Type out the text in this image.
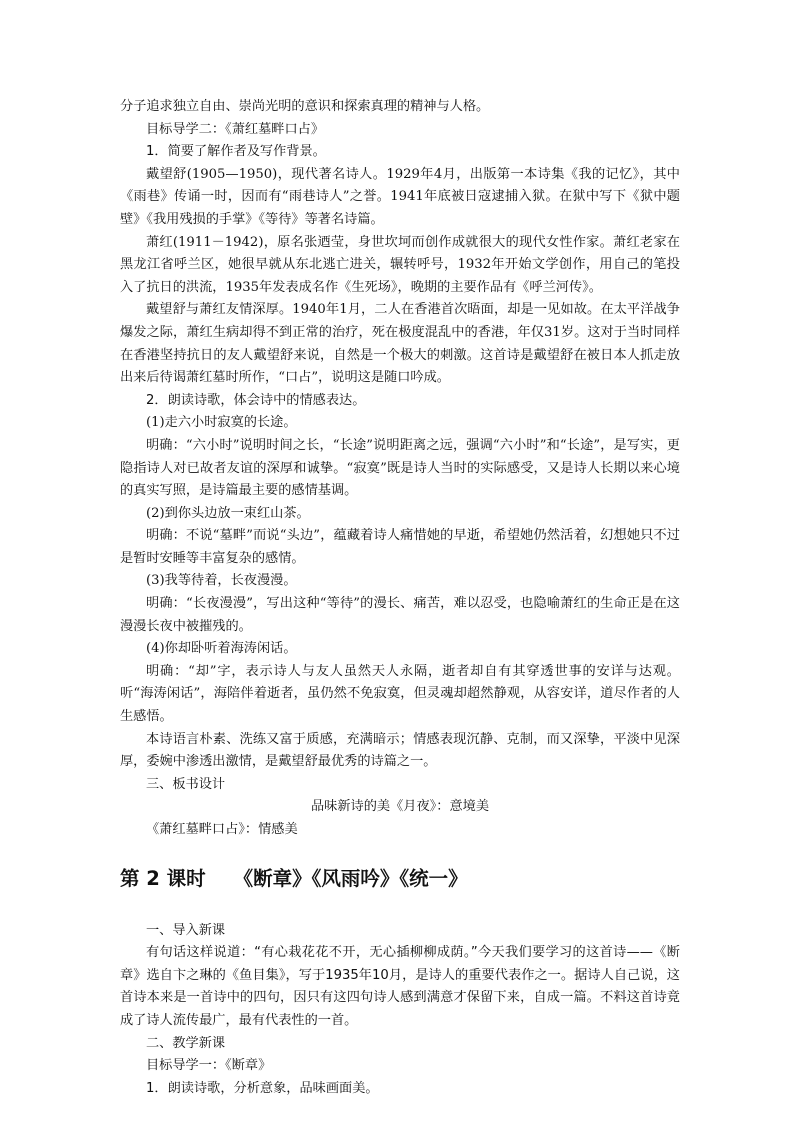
分子追求独立自由、崇尚光明的意识和探索真理的精神与人格。

目标导学二：《萧红墓畔口占》

1．简要了解作者及写作背景。

戴望舒(1905—1950)，现代著名诗人。1929年4月，出版第一本诗集《我的记忆》，其中《雨巷》传诵一时，因而有“雨巷诗人”之誉。1941年底被日寇逮捕入狱。在狱中写下《狱中题壁》《我用残损的手掌》《等待》等著名诗篇。

萧红(1911－1942)，原名张迺莹，身世坎坷而创作成就很大的现代女性作家。萧红老家在黑龙江省呼兰区，她很早就从东北逃亡进关，辗转呼号，1932年开始文学创作，用自己的笔投入了抗日的洪流，1935年发表成名作《生死场》，晚期的主要作品有《呼兰河传》。

戴望舒与萧红友情深厚。1940年1月，二人在香港首次晤面，却是一见如故。在太平洋战争爆发之际，萧红生病却得不到正常的治疗，死在极度混乱中的香港，年仅31岁。这对于当时同样在香港坚持抗日的友人戴望舒来说，自然是一个极大的刺激。这首诗是戴望舒在被日本人抓走放出来后待谒萧红墓时所作，“口占”，说明这是随口吟成。

2．朗读诗歌，体会诗中的情感表达。

(1)走六小时寂寞的长途。

明确：“六小时”说明时间之长，“长途”说明距离之远，强调“六小时”和“长途”，是写实，更隐指诗人对已故者友谊的深厚和诚挚。“寂寞”既是诗人当时的实际感受，又是诗人长期以来心境的真实写照，是诗篇最主要的感情基调。

(2)到你头边放一束红山茶。

明确：不说“墓畔”而说“头边”，蕴藏着诗人痛惜她的早逝，希望她仍然活着，幻想她只不过是暂时安睡等丰富复杂的感情。

(3)我等待着，长夜漫漫。

明确：“长夜漫漫”，写出这种“等待”的漫长、痛苦，难以忍受，也隐喻萧红的生命正是在这漫漫长夜中被摧残的。

(4)你却卧听着海涛闲话。

明确：“却”字，表示诗人与友人虽然天人永隔，逝者却自有其穿透世事的安详与达观。听“海涛闲话”，海陪伴着逝者，虽仍然不免寂寞，但灵魂却超然静观，从容安详，道尽作者的人生感悟。

本诗语言朴素、洗练又富于质感，充满暗示；情感表现沉静、克制，而又深挚，平淡中见深厚，委婉中渗透出激情，是戴望舒最优秀的诗篇之一。

三、板书设计

品味新诗的美《月夜》：意境美

《萧红墓畔口占》：情感美

第 2 课时 《断章》《风雨吟》《统一》

一、导入新课

有句话这样说道：“有心栽花花不开，无心插柳柳成荫。”今天我们要学习的这首诗——《断章》选自卞之琳的《鱼目集》，写于1935年10月，是诗人的重要代表作之一。据诗人自己说，这首诗本来是一首诗中的四句，因只有这四句诗人感到满意才保留下来，自成一篇。不料这首诗竟成了诗人流传最广，最有代表性的一首。

二、教学新课

目标导学一：《断章》

1．朗读诗歌，分析意象，品味画面美。
